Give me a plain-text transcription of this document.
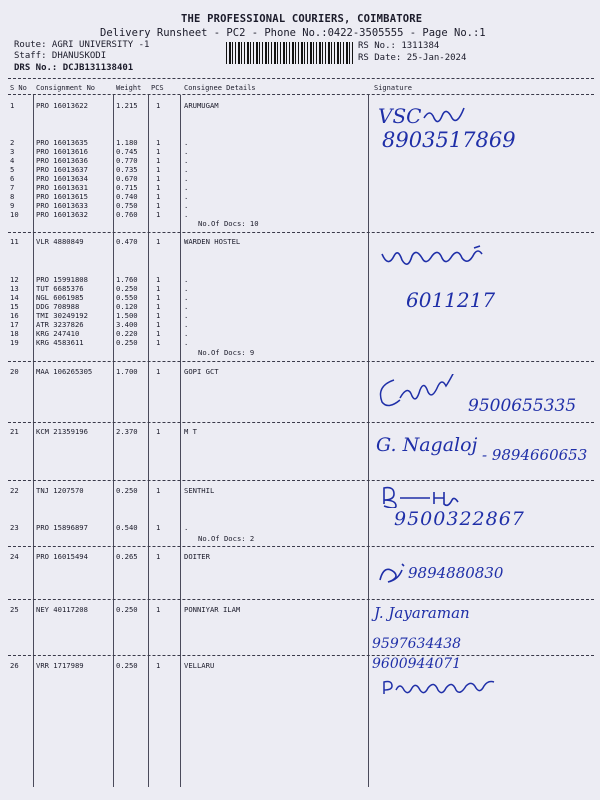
THE PROFESSIONAL COURIERS, COIMBATORE
Delivery Runsheet - PC2 - Phone No.:0422-3505555 - Page No.:1
Route: AGRI UNIVERSITY -1
Staff: DHANUSKODI
DRS No.: DCJB131138401
RS No.: 1311384
RS Date: 25-Jan-2024
S No Consignment No	Weight PCS	Consignee Details	Signature
1	PRO 16013622	1.215	1	ARUMUGAM
2	PRO 16013635	1.180	1	.
3	PRO 16013616	0.745	1	.
4	PRO 16013636	0.770	1	.
5	PRO 16013637	0.735	1	.
6	PRO 16013634	0.670	1	.
7	PRO 16013631	0.715	1	.
8	PRO 16013615	0.740	1	.
9	PRO 16013633	0.750	1	.
10 PRO 16013632	0.760	1	.
No.Of Docs: 10
11 VLR 4880849	0.470	1	WARDEN HOSTEL
12 PRO 15991808	1.760	1	.
13 TUT 6685376	0.250	1	.
14 NGL 6061985	0.550	1	.
15 DDG 708988	0.120	1	.
16 TMI 30249192	1.500	1	.
17 ATR 3237826	3.400	1	.
18 KRG 247410	0.220	1	.
19 KRG 4583611	0.250	1	.
No.Of Docs: 9
20 MAA 106265305	1.700	1	GOPI GCT
21 KCM 21359196	2.370	1	M T
22 TNJ 1207570	0.250	1	SENTHIL
23 PRO 15896897	0.540	1	.
No.Of Docs: 2
24 PRO 16015494	0.265	1	DOITER
25 NEY 40117208	0.250	1	PONNIYAR ILAM
26 VRR 1717989	0.250	1	VELLARU
VSC
8903517869
6011217
9500655335
G. Nagaloj - 9894660653
9500322867
9894880830
J. Jayaraman
9597634438
9600944071
